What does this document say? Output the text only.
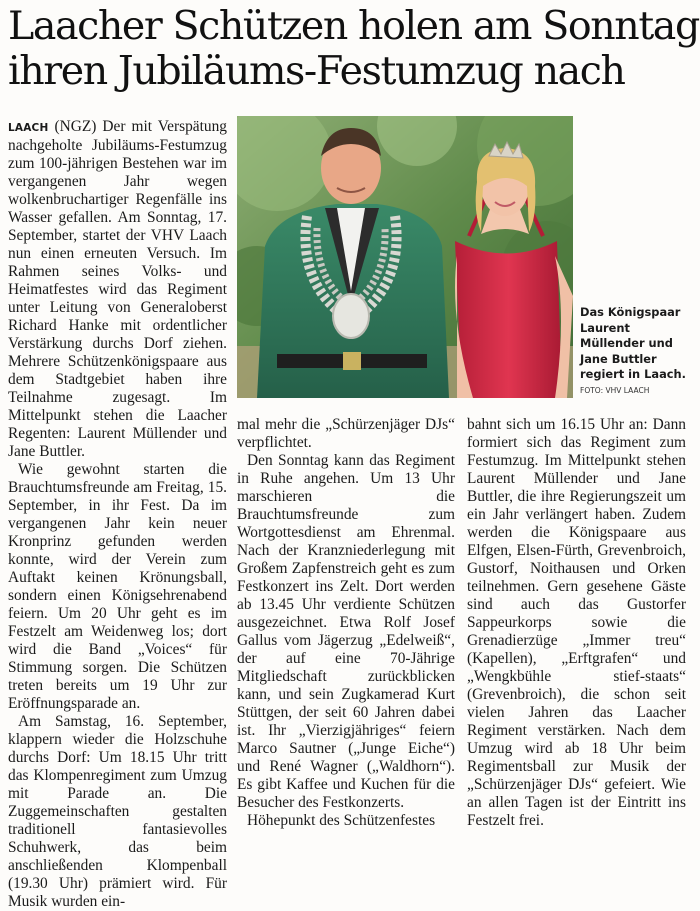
Laacher Schützen holen am Sonntag
ihren Jubiläums-Festumzug nach

LAACH (NGZ) Der mit Verspätung nachgeholte Jubiläums-Festumzug zum 100-jährigen Bestehen war im vergangenen Jahr wegen wolkenbruchartiger Regenfälle ins Wasser gefallen. Am Sonntag, 17. September, startet der VHV Laach nun einen erneuten Versuch. Im Rahmen seines Volks- und Heimatfestes wird das Regiment unter Leitung von Generaloberst Richard Hanke mit ordentlicher Verstärkung durchs Dorf ziehen. Mehrere Schützenkönigspaare aus dem Stadtgebiet haben ihre Teilnahme zugesagt. Im Mittelpunkt stehen die Laacher Regenten: Laurent Müllender und Jane Buttler.

Wie gewohnt starten die Brauchtumsfreunde am Freitag, 15. September, in ihr Fest. Da im vergangenen Jahr kein neuer Kronprinz gefunden werden konnte, wird der Verein zum Auftakt keinen Krönungsball, sondern einen Königsehrenabend feiern. Um 20 Uhr geht es im Festzelt am Weidenweg los; dort wird die Band „Voices“ für Stimmung sorgen. Die Schützen treten bereits um 19 Uhr zur Eröffnungsparade an.

Am Samstag, 16. September, klappern wieder die Holzschuhe durchs Dorf: Um 18.15 Uhr tritt das Klompenregiment zum Umzug mit Parade an. Die Zuggemeinschaften gestalten traditionell fantasievolles Schuhwerk, das beim anschließenden Klompenball (19.30 Uhr) prämiert wird. Für Musik wurden ein-

Das Königspaar Laurent Müllender und Jane Buttler regiert in Laach.
FOTO: VHV LAACH

mal mehr die „Schürzenjäger DJs“ verpflichtet.

Den Sonntag kann das Regiment in Ruhe angehen. Um 13 Uhr marschieren die Brauchtumsfreunde zum Wortgottesdienst am Ehrenmal. Nach der Kranzniederlegung mit Großem Zapfenstreich geht es zum Festkonzert ins Zelt. Dort werden ab 13.45 Uhr verdiente Schützen ausgezeichnet. Etwa Rolf Josef Gallus vom Jägerzug „Edelweiß“, der auf eine 70-Jährige Mitgliedschaft zurückblicken kann, und sein Zugkamerad Kurt Stüttgen, der seit 60 Jahren dabei ist. Ihr „Vierzigjähriges“ feiern Marco Sautner („Junge Eiche“) und René Wagner („Waldhorn“). Es gibt Kaffee und Kuchen für die Besucher des Festkonzerts.

Höhepunkt des Schützenfestes

bahnt sich um 16.15 Uhr an: Dann formiert sich das Regiment zum Festumzug. Im Mittelpunkt stehen Laurent Müllender und Jane Buttler, die ihre Regierungszeit um ein Jahr verlängert haben. Zudem werden die Königspaare aus Elfgen, Elsen-Fürth, Grevenbroich, Gustorf, Noithausen und Orken teilnehmen. Gern gesehene Gäste sind auch das Gustorfer Sappeurkorps sowie die Grenadierzüge „Immer treu“ (Kapellen), „Erftgrafen“ und „Wengkbühle stief-staats“ (Grevenbroich), die schon seit vielen Jahren das Laacher Regiment verstärken. Nach dem Umzug wird ab 18 Uhr beim Regimentsball zur Musik der „Schürzenjäger DJs“ gefeiert. Wie an allen Tagen ist der Eintritt ins Festzelt frei.
